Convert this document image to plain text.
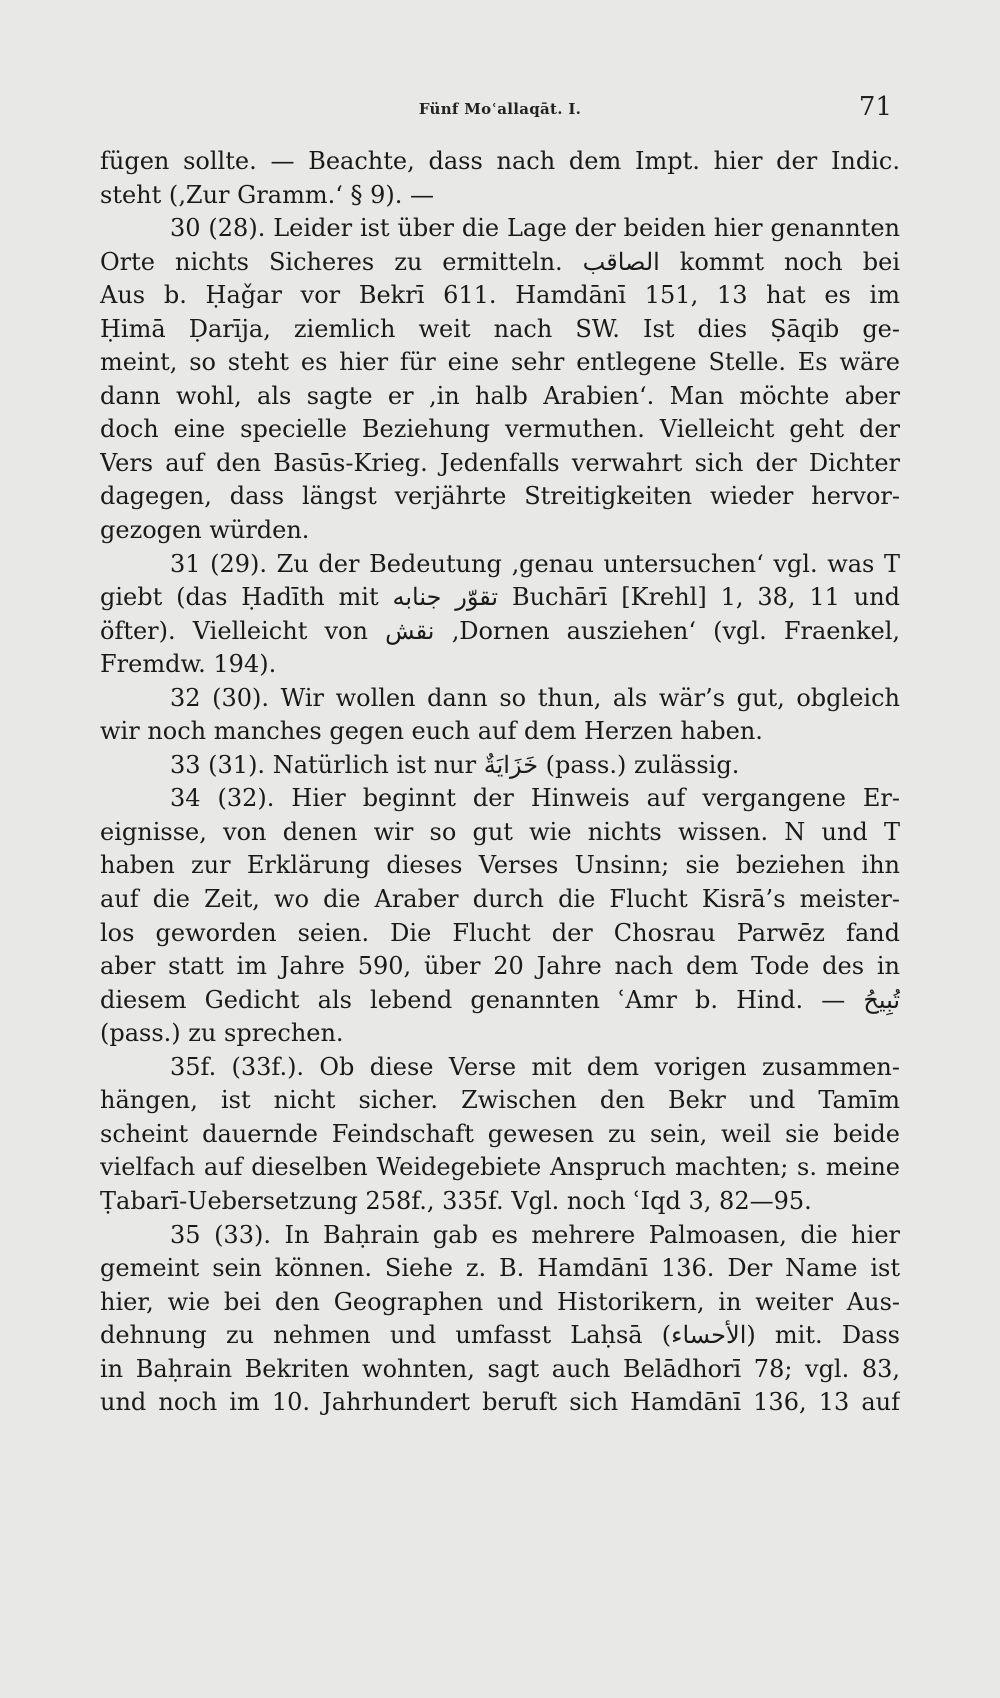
Fünf Moʿallaqāt. I.	71
fügen sollte. — Beachte, dass nach dem Impt. hier der Indic.
steht (‚Zur Gramm.‘ § 9). —
30 (28). Leider ist über die Lage der beiden hier genannten
Orte nichts Sicheres zu ermitteln. الصاقب kommt noch bei
Aus b. Ḥaǧar vor Bekrī 611. Hamdānī 151, 13 hat es im
Ḥimā Ḍarīja, ziemlich weit nach SW. Ist dies Ṣāqib ge-
meint, so steht es hier für eine sehr entlegene Stelle. Es wäre
dann wohl, als sagte er ‚in halb Arabien‘. Man möchte aber
doch eine specielle Beziehung vermuthen. Vielleicht geht der
Vers auf den Basūs-Krieg. Jedenfalls verwahrt sich der Dichter
dagegen, dass längst verjährte Streitigkeiten wieder hervor-
gezogen würden.
31 (29). Zu der Bedeutung ‚genau untersuchen‘ vgl. was T
giebt (das Ḥadīth mit تقوّر جنابه Buchārī [Krehl] 1, 38, 11 und
öfter). Vielleicht von نقش ‚Dornen ausziehen‘ (vgl. Fraenkel,
Fremdw. 194).
32 (30). Wir wollen dann so thun, als wär’s gut, obgleich
wir noch manches gegen euch auf dem Herzen haben.
33 (31). Natürlich ist nur خَزَايَةٌ (pass.) zulässig.
34 (32). Hier beginnt der Hinweis auf vergangene Er-
eignisse, von denen wir so gut wie nichts wissen. N und T
haben zur Erklärung dieses Verses Unsinn; sie beziehen ihn
auf die Zeit, wo die Araber durch die Flucht Kisrā’s meister-
los geworden seien. Die Flucht der Chosrau Parwēz fand
aber statt im Jahre 590, über 20 Jahre nach dem Tode des in
diesem Gedicht als lebend genannten ʿAmr b. Hind. — تُبِيحُ
(pass.) zu sprechen.
35f. (33f.). Ob diese Verse mit dem vorigen zusammen-
hängen, ist nicht sicher. Zwischen den Bekr und Tamīm
scheint dauernde Feindschaft gewesen zu sein, weil sie beide
vielfach auf dieselben Weidegebiete Anspruch machten; s. meine
Ṭabarī-Uebersetzung 258f., 335f. Vgl. noch ʿIqd 3, 82—95.
35 (33). In Baḥrain gab es mehrere Palmoasen, die hier
gemeint sein können. Siehe z. B. Hamdānī 136. Der Name ist
hier, wie bei den Geographen und Historikern, in weiter Aus-
dehnung zu nehmen und umfasst Laḥsā (الأحساء) mit. Dass
in Baḥrain Bekriten wohnten, sagt auch Belādhorī 78; vgl. 83,
und noch im 10. Jahrhundert beruft sich Hamdānī 136, 13 auf
